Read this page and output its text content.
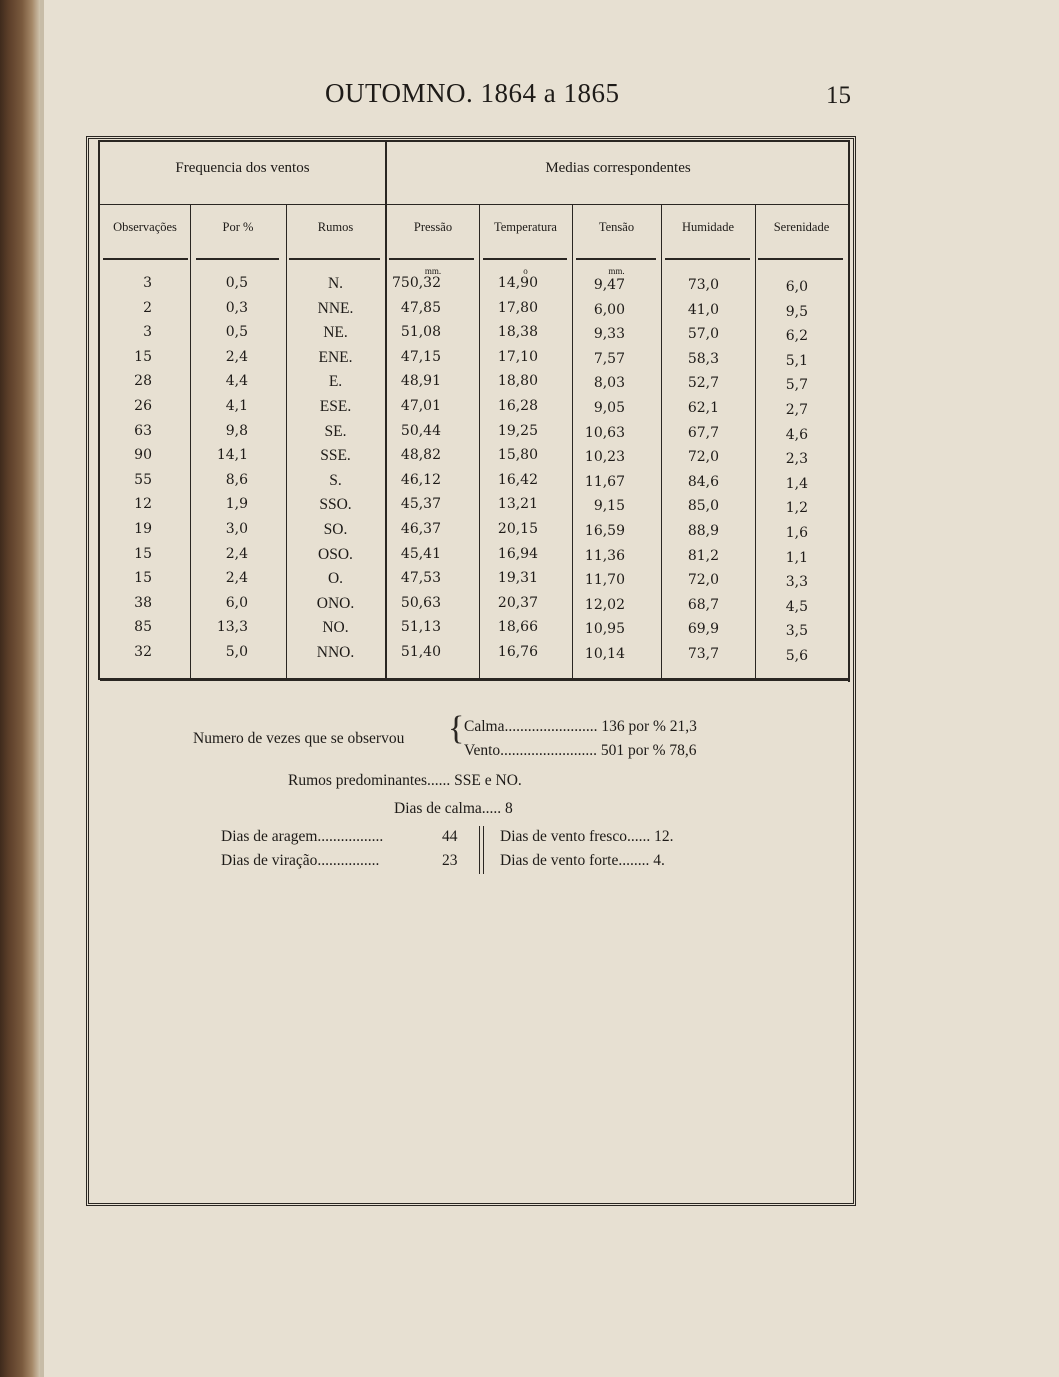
OUTOMNO. 1864 a 1865	15
Frequencia dos ventos	Medias correspondentes
Observações	Por %	Rumos	Pressão	Temperatura	Tensão	Humidade	Serenidade
mm.	o	mm.
3	0,5	N.	750,32	14,90	9,47	73,0	6,0
2	0,3	NNE.	47,85	17,80	6,00	41,0	9,5
3	0,5	NE.	51,08	18,38	9,33	57,0	6,2
15	2,4	ENE.	47,15	17,10	7,57	58,3	5,1
28	4,4	E.	48,91	18,80	8,03	52,7	5,7
26	4,1	ESE.	47,01	16,28	9,05	62,1	2,7
63	9,8	SE.	50,44	19,25	10,63	67,7	4,6
90	14,1	SSE.	48,82	15,80	10,23	72,0	2,3
55	8,6	S.	46,12	16,42	11,67	84,6	1,4
12	1,9	SSO.	45,37	13,21	9,15	85,0	1,2
19	3,0	SO.	46,37	20,15	16,59	88,9	1,6
15	2,4	OSO.	45,41	16,94	11,36	81,2	1,1
15	2,4	O.	47,53	19,31	11,70	72,0	3,3
38	6,0	ONO.	50,63	20,37	12,02	68,7	4,5
85	13,3	NO.	51,13	18,66	10,95	69,9	3,5
32	5,0	NNO.	51,40	16,76	10,14	73,7	5,6
Numero de vezes que se observou { Calma........................ 136 por % 21,3
Vento......................... 501 por % 78,6
Rumos predominantes...... SSE e NO.
Dias de calma..... 8
Dias de aragem.................	44
Dias de viração................	23
Dias de vento fresco...... 12.
Dias de vento forte........ 4.
